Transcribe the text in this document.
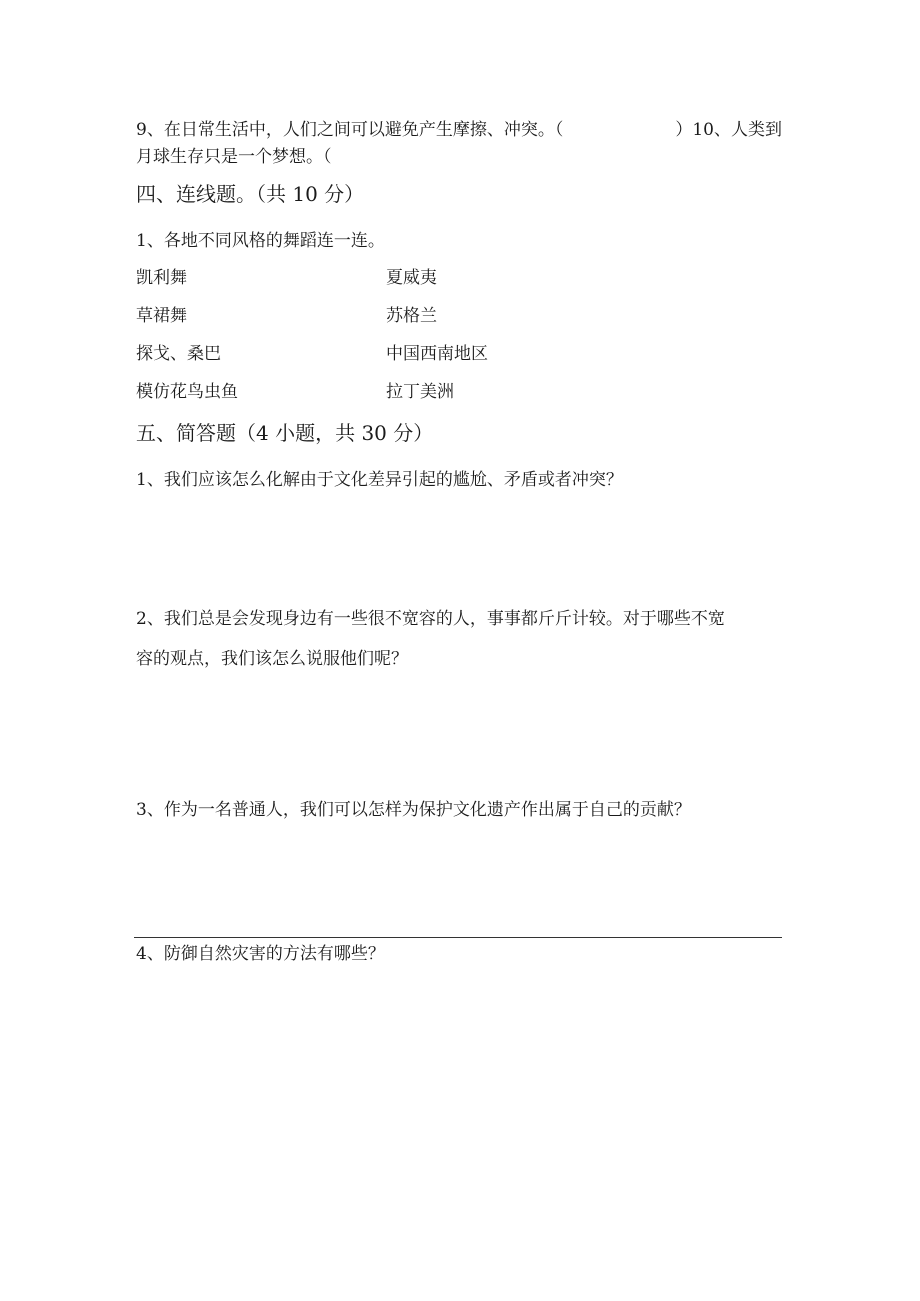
9、在日常生活中，人们之间可以避免产生摩擦、冲突。（	）10、人类到
月球生存只是一个梦想。（
四、连线题。（共 10 分）
1、各地不同风格的舞蹈连一连。
凯利舞	夏威夷
草裙舞	苏格兰
探戈、桑巴	中国西南地区
模仿花鸟虫鱼	拉丁美洲
五、简答题（4 小题，共 30 分）
1、我们应该怎么化解由于文化差异引起的尴尬、矛盾或者冲突？
2、我们总是会发现身边有一些很不宽容的人，事事都斤斤计较。对于哪些不宽
容的观点，我们该怎么说服他们呢？
3、作为一名普通人，我们可以怎样为保护文化遗产作出属于自己的贡献？
4、防御自然灾害的方法有哪些？
